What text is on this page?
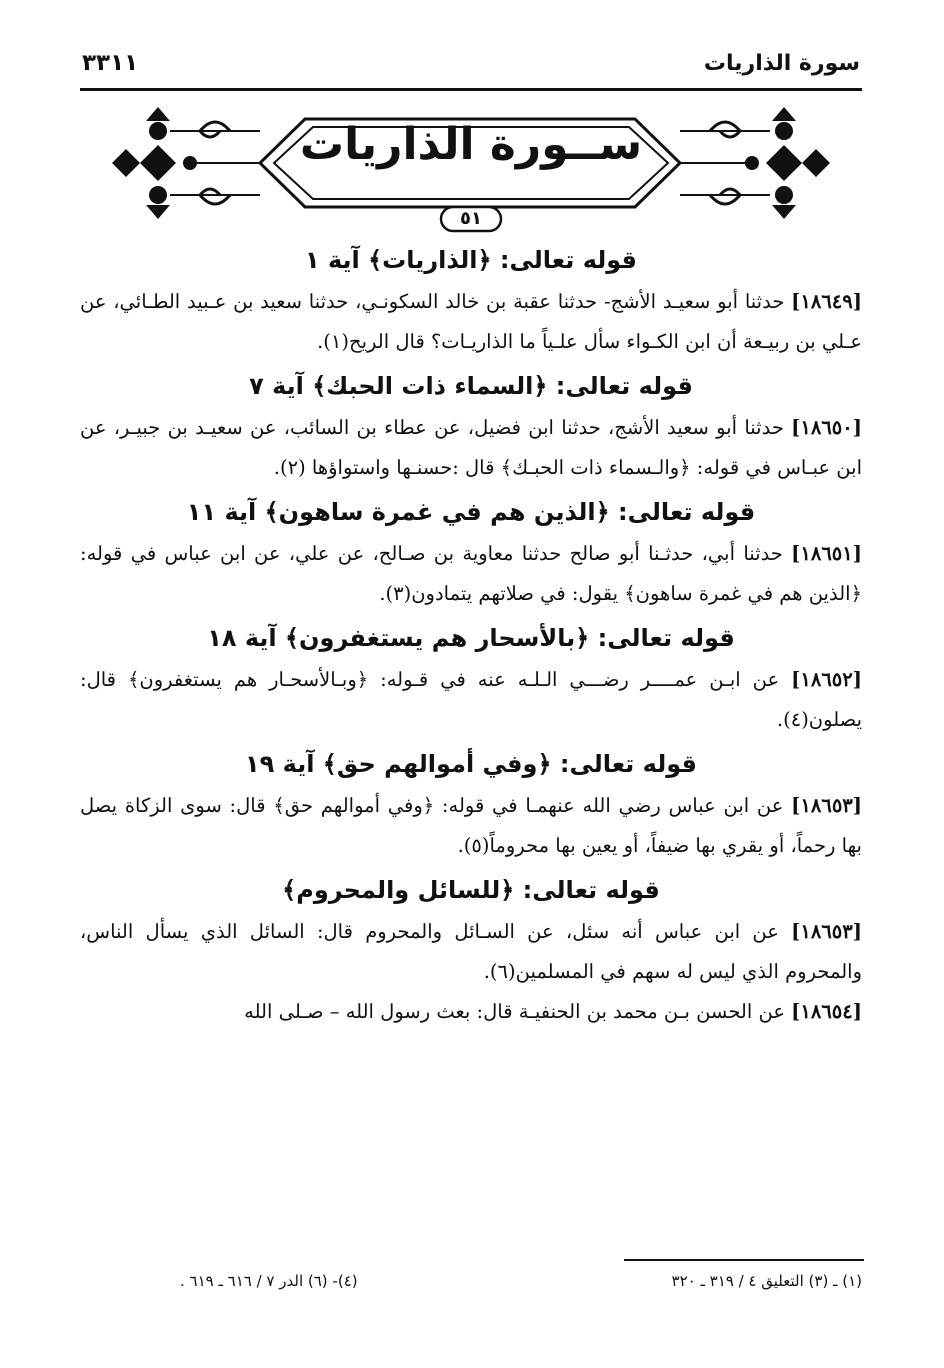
سورة الذاريات
٣٣١١
ســورة الذاريات
٥١
قوله تعالى: ﴿الذاريات﴾ آية ١

[١٨٦٤٩] حدثنا أبو سعيـد الأشج- حدثنا عقبة بن خالد السكونـي، حدثنا سعيد بن عـبيد الطـائي، عن عـلي بن ربيـعة أن ابن الكـواء سأل علـياً ما الذاريـات؟ قال الريح(١).

قوله تعالى: ﴿السماء ذات الحبك﴾ آية ٧

[١٨٦٥٠] حدثنا أبو سعيد الأشج، حدثنا ابن فضيل، عن عطاء بن السائب، عن سعيـد بن جبيـر، عن ابن عبـاس في قوله: ﴿والـسماء ذات الحبـك﴾ قال :حسنـها واستواؤها (٢).

قوله تعالى: ﴿الذين هم في غمرة ساهون﴾ آية ١١

[١٨٦٥١] حدثنا أبي، حدثـنا أبو صالح حدثنا معاوية بن صـالح، عن علي، عن ابن عباس في قوله: ﴿الذين هم في غمرة ساهون﴾ يقول: في صلاتهم يتمادون(٣).

قوله تعالى: ﴿بالأسحار هم يستغفرون﴾ آية ١٨

[١٨٦٥٢] عن ابـن عمــــر رضـــي الـلـه عنه في قـوله: ﴿وبـالأسحـار هم يستغفرون﴾ قال: يصلون(٤).

قوله تعالى: ﴿وفي أموالهم حق﴾ آية ١٩

[١٨٦٥٣] عن ابن عباس رضي الله عنهمـا في قوله: ﴿وفي أموالهم حق﴾ قال: سوى الزكاة يصل بها رحماً، أو يقري بها ضيفاً، أو يعين بها محروماً(٥).

قوله تعالى: ﴿للسائل والمحروم﴾

[١٨٦٥٣] عن ابن عباس أنه سئل، عن السـائل والمحروم قال: السائل الذي يسأل الناس، والمحروم الذي ليس له سهم في المسلمين(٦).

[١٨٦٥٤] عن الحسن بـن محمد بن الحنفيـة قال: بعث رسول الله – صـلى الله

(١) ـ (٣) التعليق ٤ / ٣١٩ ـ ٣٢٠
(٤)- (٦) الدر ٧ / ٦١٦ ـ ٦١٩ .
